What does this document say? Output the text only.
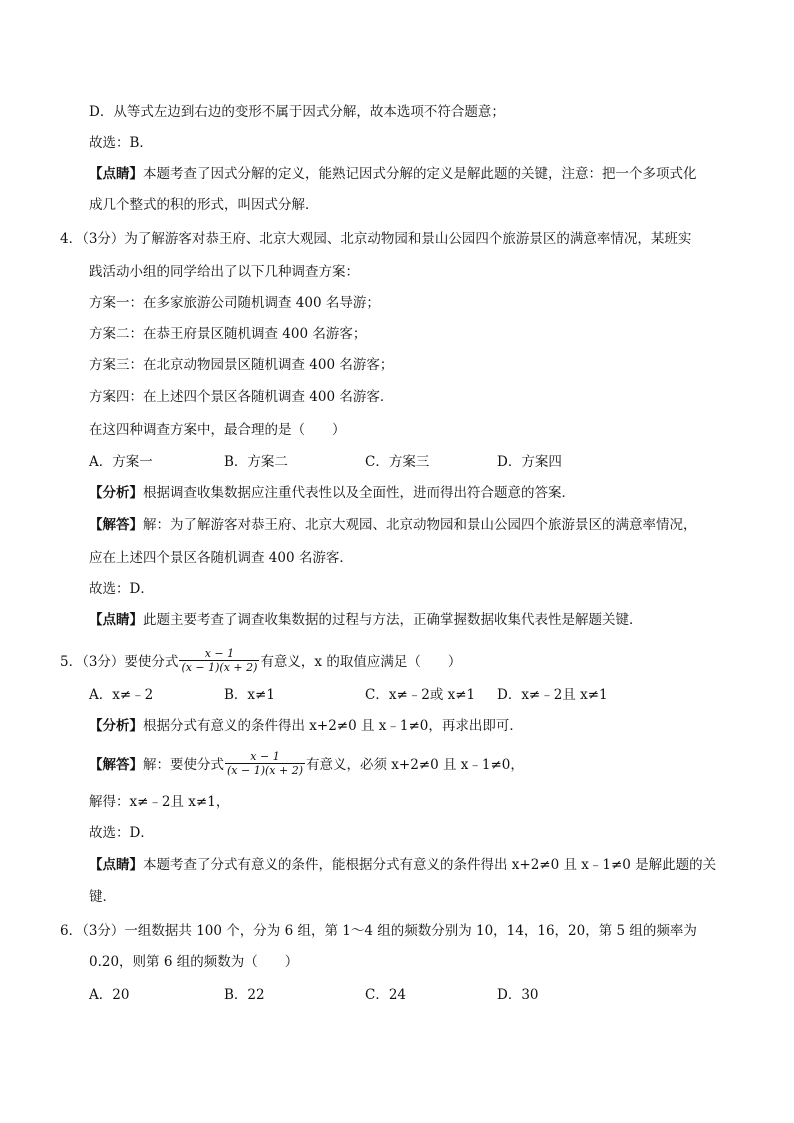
D．从等式左边到右边的变形不属于因式分解，故本选项不符合题意；
故选：B．
【点睛】本题考查了因式分解的定义，能熟记因式分解的定义是解此题的关键，注意：把一个多项式化
成几个整式的积的形式，叫因式分解．
4．（3分）为了解游客对恭王府、北京大观园、北京动物园和景山公园四个旅游景区的满意率情况，某班实
践活动小组的同学给出了以下几种调查方案：
方案一：在多家旅游公司随机调查 400 名导游；
方案二：在恭王府景区随机调查 400 名游客；
方案三：在北京动物园景区随机调查 400 名游客；
方案四：在上述四个景区各随机调查 400 名游客．
在这四种调查方案中，最合理的是（　　）
A．方案一	B．方案二	C．方案三	D．方案四
【分析】根据调查收集数据应注重代表性以及全面性，进而得出符合题意的答案．
【解答】解：为了解游客对恭王府、北京大观园、北京动物园和景山公园四个旅游景区的满意率情况，
应在上述四个景区各随机调查 400 名游客．
故选：D．
【点睛】此题主要考查了调查收集数据的过程与方法，正确掌握数据收集代表性是解题关键．
5．（3分）要使分式 $\frac{x - 1}{(x - 1)(x + 2)}$ 有意义，x 的取值应满足（　　）
A．x≠﹣2	B．x≠1	C．x≠﹣2或 x≠1 D．x≠﹣2且 x≠1
【分析】根据分式有意义的条件得出 x+2≠0 且 x﹣1≠0，再求出即可．
【解答】解：要使分式 $\frac{x - 1}{(x - 1)(x + 2)}$ 有意义，必须 x+2≠0 且 x﹣1≠0，
解得：x≠﹣2且 x≠1，
故选：D．
【点睛】本题考查了分式有意义的条件，能根据分式有意义的条件得出 x+2≠0 且 x﹣1≠0 是解此题的关
键．
6．（3分）一组数据共 100 个，分为 6 组，第 1～4 组的频数分别为 10，14，16，20，第 5 组的频率为
0.20，则第 6 组的频数为（　　）
A．20	B．22	C．24	D．30
